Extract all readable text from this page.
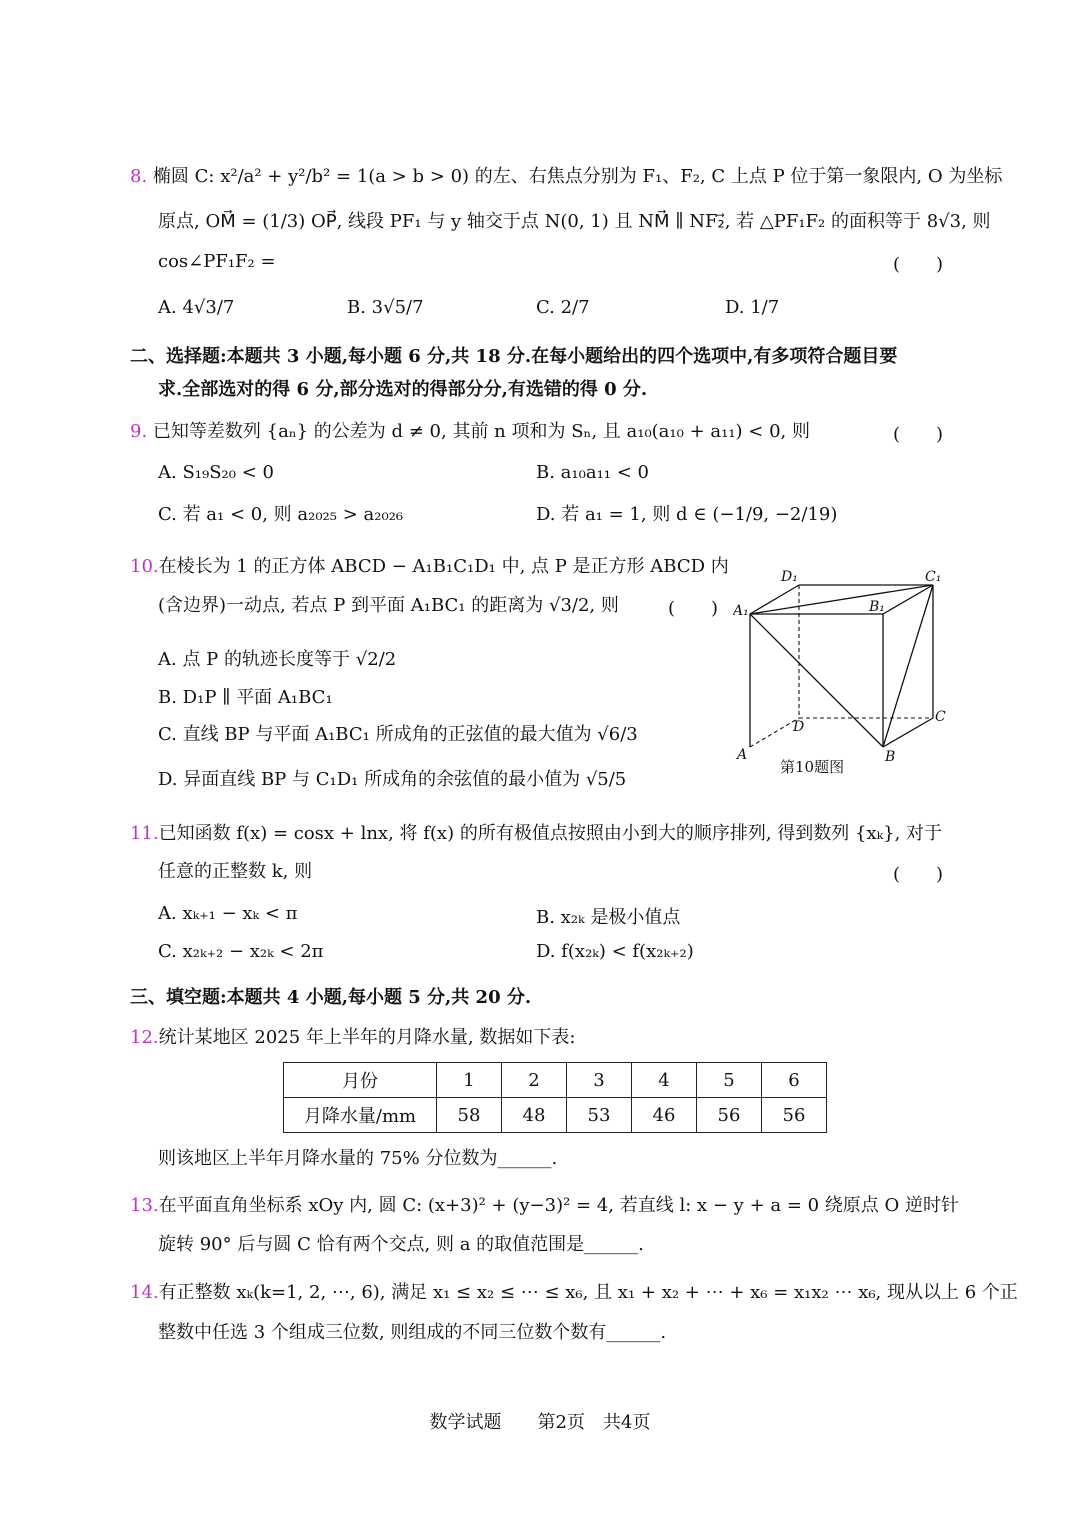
8. 椭圆 C: x²/a² + y²/b² = 1(a > b > 0) 的左、右焦点分别为 F₁、F₂, C 上点 P 位于第一象限内, O 为坐标
原点, OM⃗ = (1/3) OP⃗, 线段 PF₁ 与 y 轴交于点 N(0, 1) 且 NM⃗ ∥ NF₂⃗, 若 △PF₁F₂ 的面积等于 8√3, 则
cos∠PF₁F₂ =	(　　)
A. 4√3/7	B. 3√5/7	C. 2/7	D. 1/7
二、选择题:本题共 3 小题,每小题 6 分,共 18 分.在每小题给出的四个选项中,有多项符合题目要
求.全部选对的得 6 分,部分选对的得部分分,有选错的得 0 分.
9. 已知等差数列 {aₙ} 的公差为 d ≠ 0, 其前 n 项和为 Sₙ, 且 a₁₀(a₁₀ + a₁₁) < 0, 则	(　　)
A. S₁₉S₂₀ < 0	B. a₁₀a₁₁ < 0
C. 若 a₁ < 0, 则 a₂₀₂₅ > a₂₀₂₆	D. 若 a₁ = 1, 则 d ∈ (−1/9, −2/19)
10.在棱长为 1 的正方体 ABCD − A₁B₁C₁D₁ 中, 点 P 是正方形 ABCD 内
(含边界)一动点, 若点 P 到平面 A₁BC₁ 的距离为 √3/2, 则	(　　)
A. 点 P 的轨迹长度等于 √2/2
B. D₁P ∥ 平面 A₁BC₁
C. 直线 BP 与平面 A₁BC₁ 所成角的正弦值的最大值为 √6/3
D. 异面直线 BP 与 C₁D₁ 所成角的余弦值的最小值为 √5/5
D₁	C₁
A₁	B₁
D
C
A	B
第10题图
11.已知函数 f(x) = cosx + lnx, 将 f(x) 的所有极值点按照由小到大的顺序排列, 得到数列 {xₖ}, 对于
任意的正整数 k, 则	(　　)
A. xₖ₊₁ − xₖ < π	B. x₂ₖ 是极小值点
C. x₂ₖ₊₂ − x₂ₖ < 2π	D. f(x₂ₖ) < f(x₂ₖ₊₂)
三、填空题:本题共 4 小题,每小题 5 分,共 20 分.
12.统计某地区 2025 年上半年的月降水量, 数据如下表:
月份	1	2	3	4	5	6
月降水量/mm	58	48	53	46	56	56
则该地区上半年月降水量的 75% 分位数为______.
13.在平面直角坐标系 xOy 内, 圆 C: (x+3)² + (y−3)² = 4, 若直线 l: x − y + a = 0 绕原点 O 逆时针
旋转 90° 后与圆 C 恰有两个交点, 则 a 的取值范围是______.
14.有正整数 xₖ(k=1, 2, ⋯, 6), 满足 x₁ ≤ x₂ ≤ ⋯ ≤ x₆, 且 x₁ + x₂ + ⋯ + x₆ = x₁x₂ ⋯ x₆, 现从以上 6 个正
整数中任选 3 个组成三位数, 则组成的不同三位数个数有______.
数学试题　　第2页　共4页
